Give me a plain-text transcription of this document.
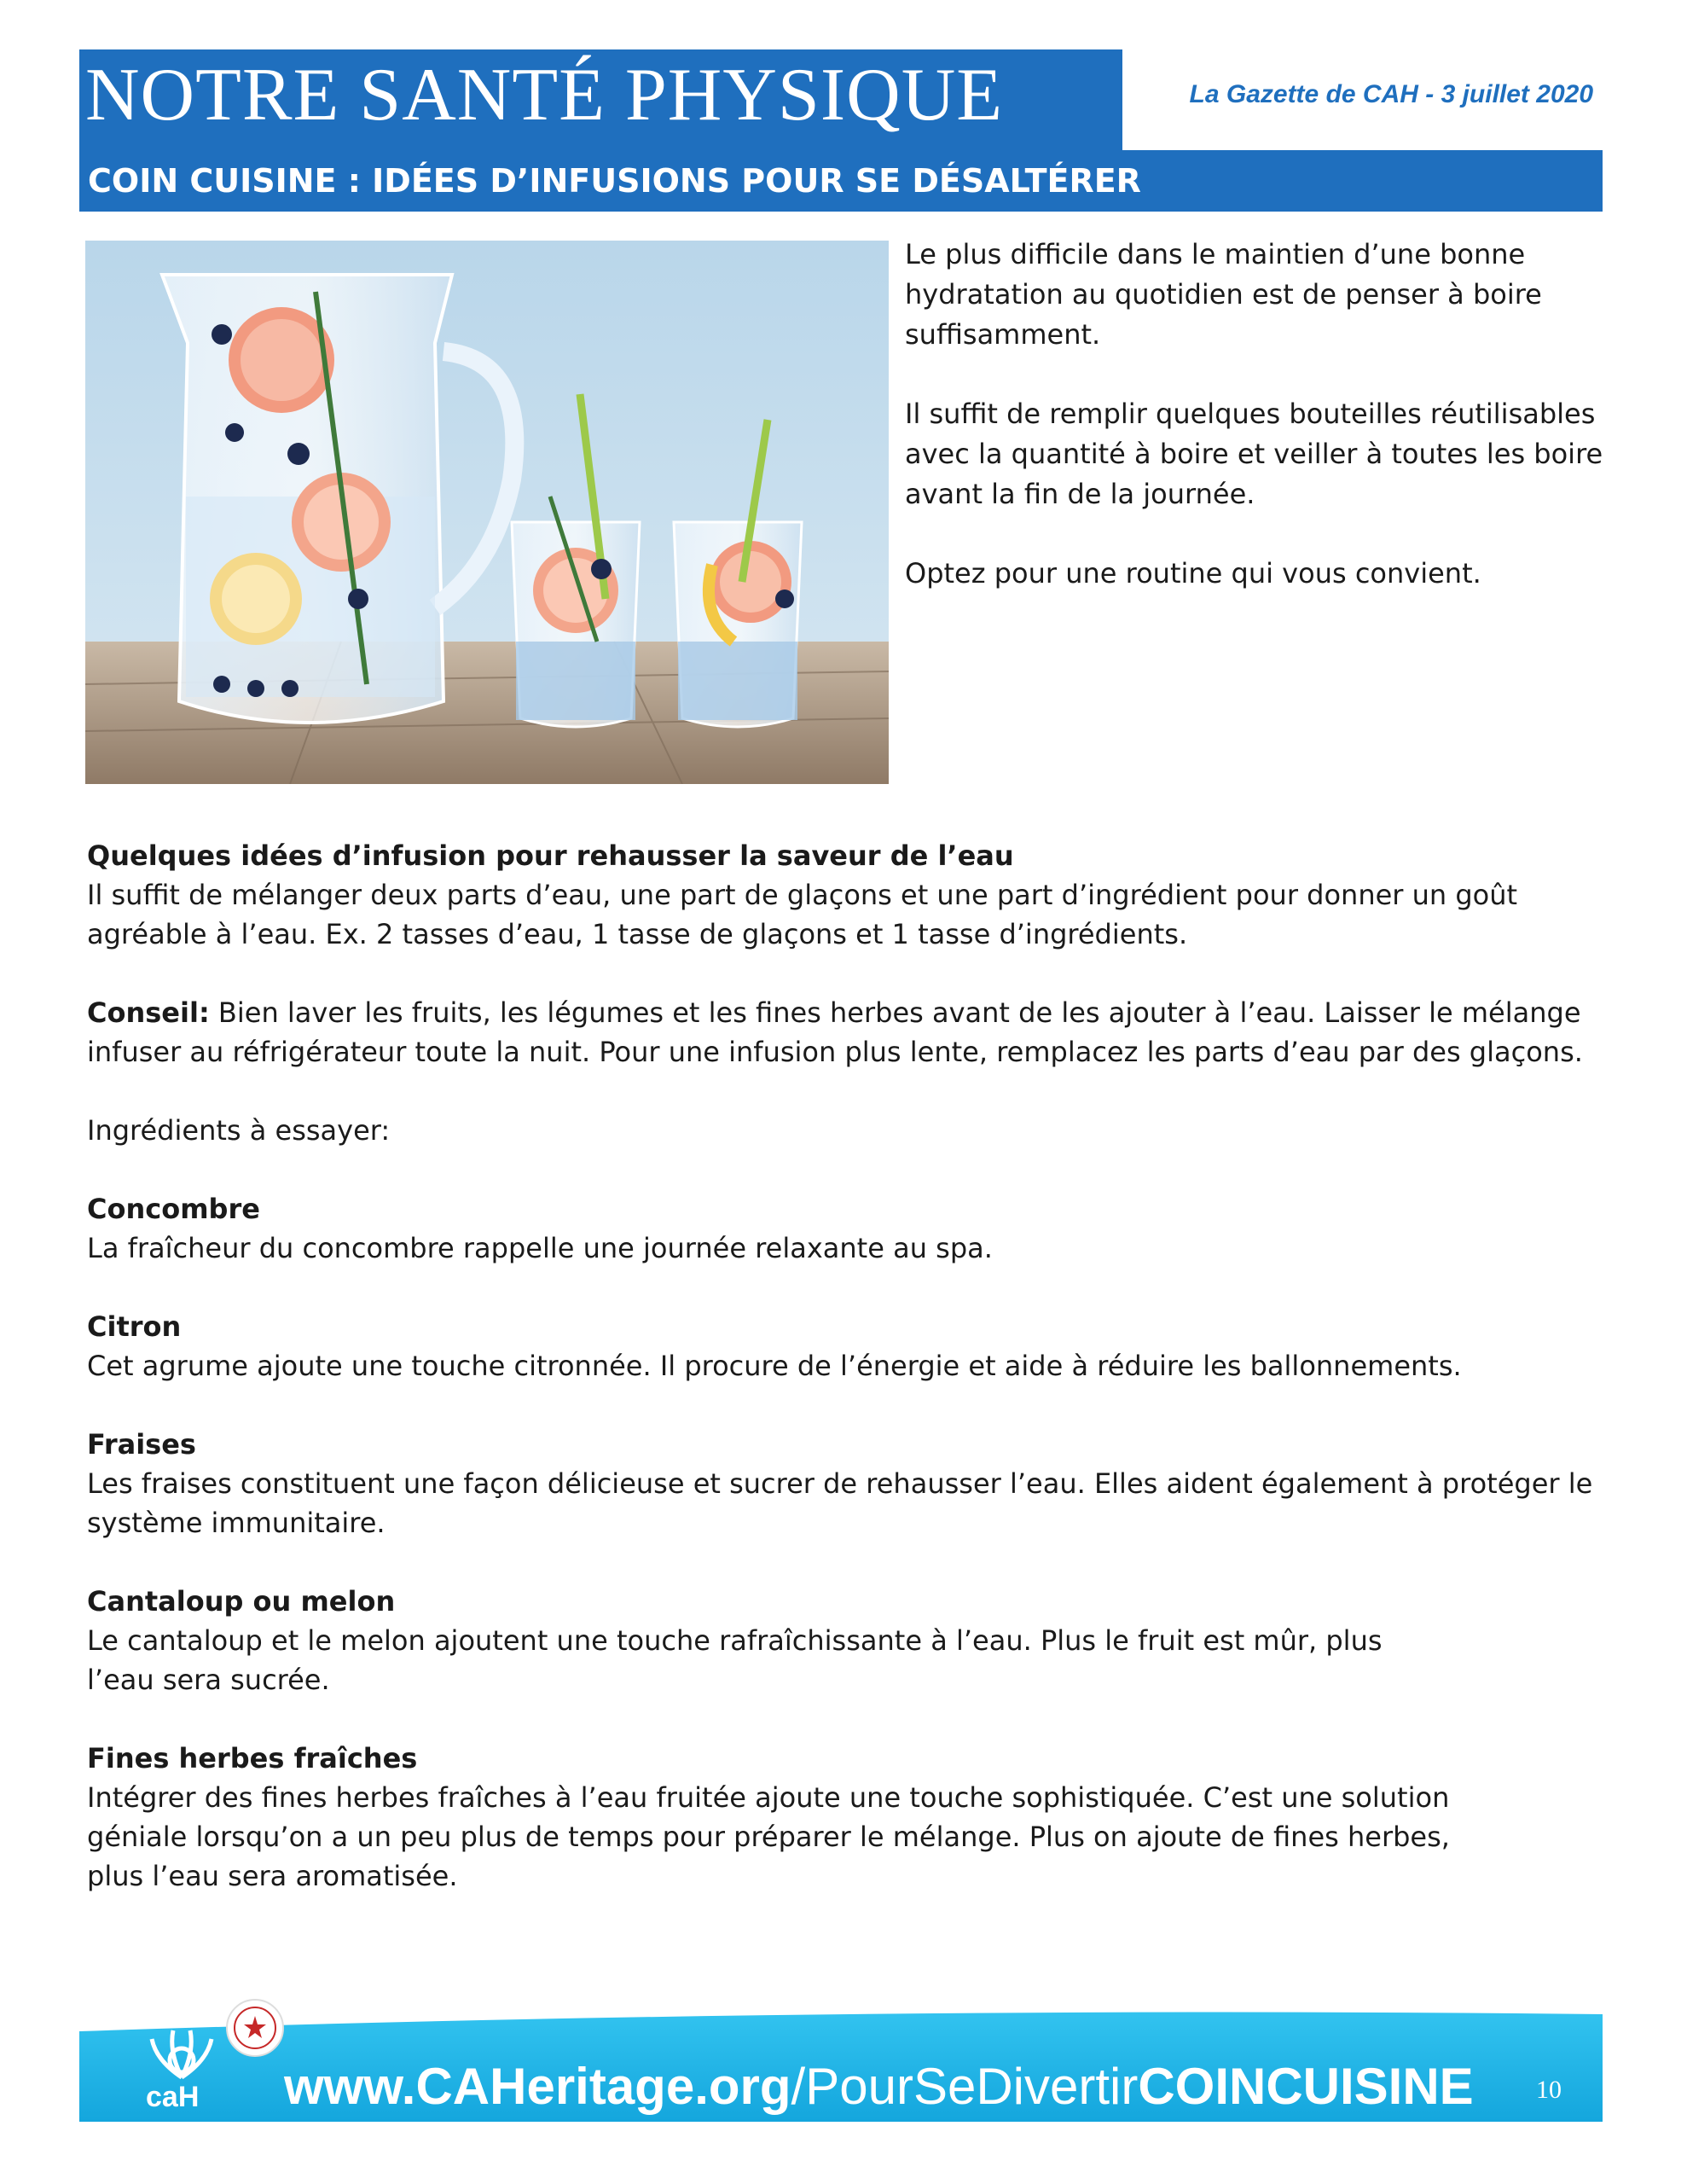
NOTRE SANTÉ PHYSIQUE	La Gazette de CAH - 3 juillet 2020
COIN CUISINE : IDÉES D’INFUSIONS POUR SE DÉSALTÉRER

Le plus difficile dans le maintien d’une bonne hydratation au quotidien est de penser à boire suffisamment.

Il suffit de remplir quelques bouteilles réutilisables avec la quantité à boire et veiller à toutes les boire avant la fin de la journée.

Optez pour une routine qui vous convient.

Quelques idées d’infusion pour rehausser la saveur de l’eau

Il suffit de mélanger deux parts d’eau, une part de glaçons et une part d’ingrédient pour donner un goût agréable à l’eau. Ex. 2 tasses d’eau, 1 tasse de glaçons et 1 tasse d’ingrédients.

Conseil: Bien laver les fruits, les légumes et les fines herbes avant de les ajouter à l’eau. Laisser le mélange infuser au réfrigérateur toute la nuit. Pour une infusion plus lente, remplacez les parts d’eau par des glaçons.

Ingrédients à essayer:

Concombre

La fraîcheur du concombre rappelle une journée relaxante au spa.

Citron

Cet agrume ajoute une touche citronnée. Il procure de l’énergie et aide à réduire les ballonnements.

Fraises

Les fraises constituent une façon délicieuse et sucrer de rehausser l’eau. Elles aident également à protéger le système immunitaire.

Cantaloup ou melon

Le cantaloup et le melon ajoutent une touche rafraîchissante à l’eau. Plus le fruit est mûr, plus l’eau sera sucrée.

Fines herbes fraîches

Intégrer des fines herbes fraîches à l’eau fruitée ajoute une touche sophistiquée. C’est une solution géniale lorsqu’on a un peu plus de temps pour préparer le mélange. Plus on ajoute de fines herbes, plus l’eau sera aromatisée.

caH www.CAHeritage.org/PourSeDivertirCOINCUISINE 10
